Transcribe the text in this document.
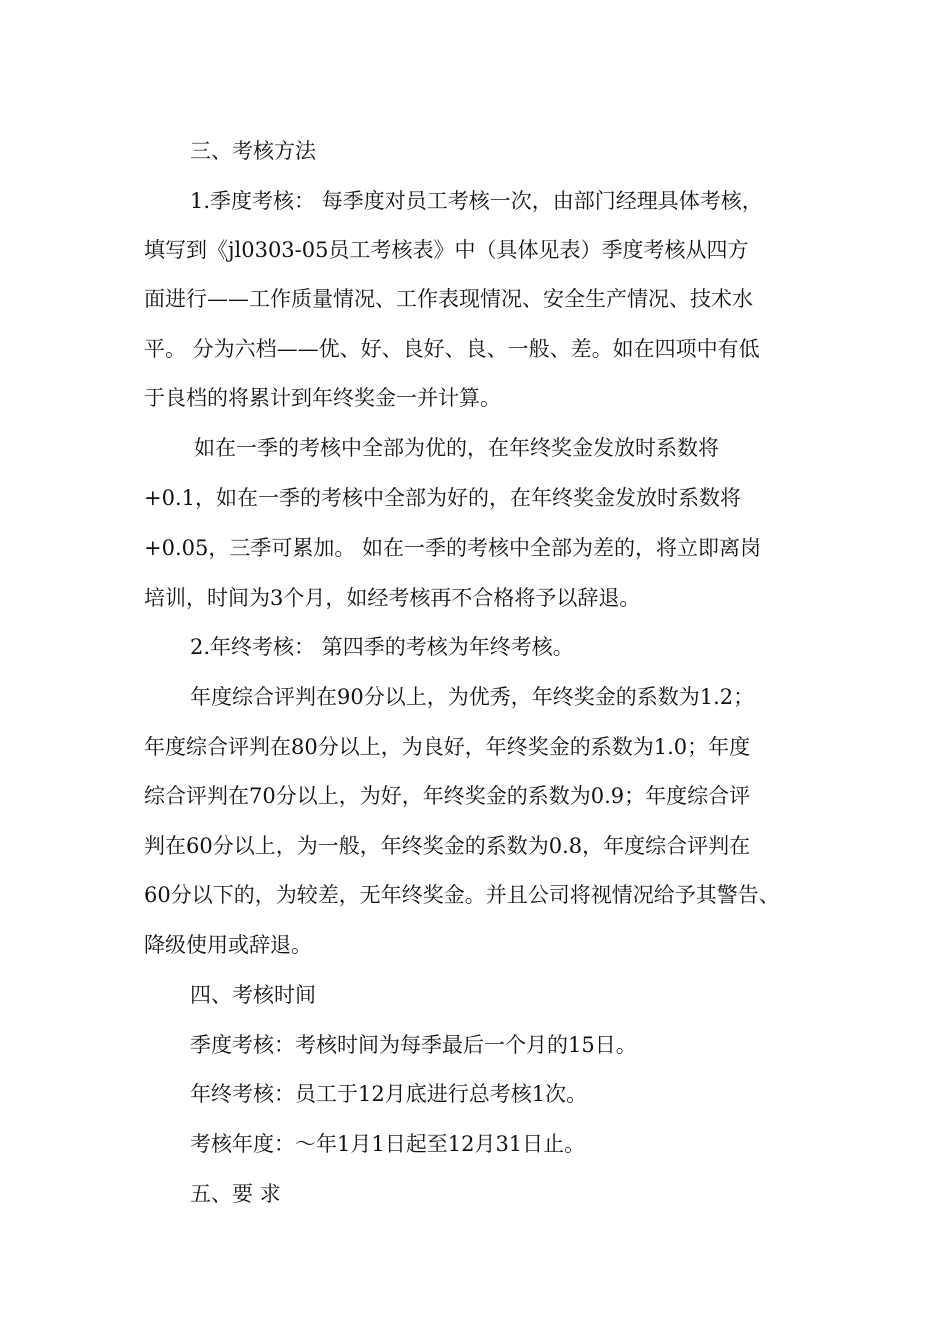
三、考核方法
1.季度考核： 每季度对员工考核一次，由部门经理具体考核，
填写到《jl0303-05员工考核表》中（具体见表）季度考核从四方
面进行——工作质量情况、工作表现情况、安全生产情况、技术水
平。 分为六档——优、好、良好、良、一般、差。如在四项中有低
于良档的将累计到年终奖金一并计算。
如在一季的考核中全部为优的，在年终奖金发放时系数将
+0.1，如在一季的考核中全部为好的，在年终奖金发放时系数将
+0.05，三季可累加。 如在一季的考核中全部为差的，将立即离岗
培训，时间为3个月，如经考核再不合格将予以辞退。
2.年终考核： 第四季的考核为年终考核。
年度综合评判在90分以上，为优秀，年终奖金的系数为1.2；
年度综合评判在80分以上，为良好，年终奖金的系数为1.0；年度
综合评判在70分以上，为好，年终奖金的系数为0.9；年度综合评
判在60分以上，为一般，年终奖金的系数为0.8，年度综合评判在
60分以下的，为较差，无年终奖金。并且公司将视情况给予其警告、
降级使用或辞退。
四、考核时间
季度考核：考核时间为每季最后一个月的15日。
年终考核：员工于12月底进行总考核1次。
考核年度：～年1月1日起至12月31日止。
五、要 求
